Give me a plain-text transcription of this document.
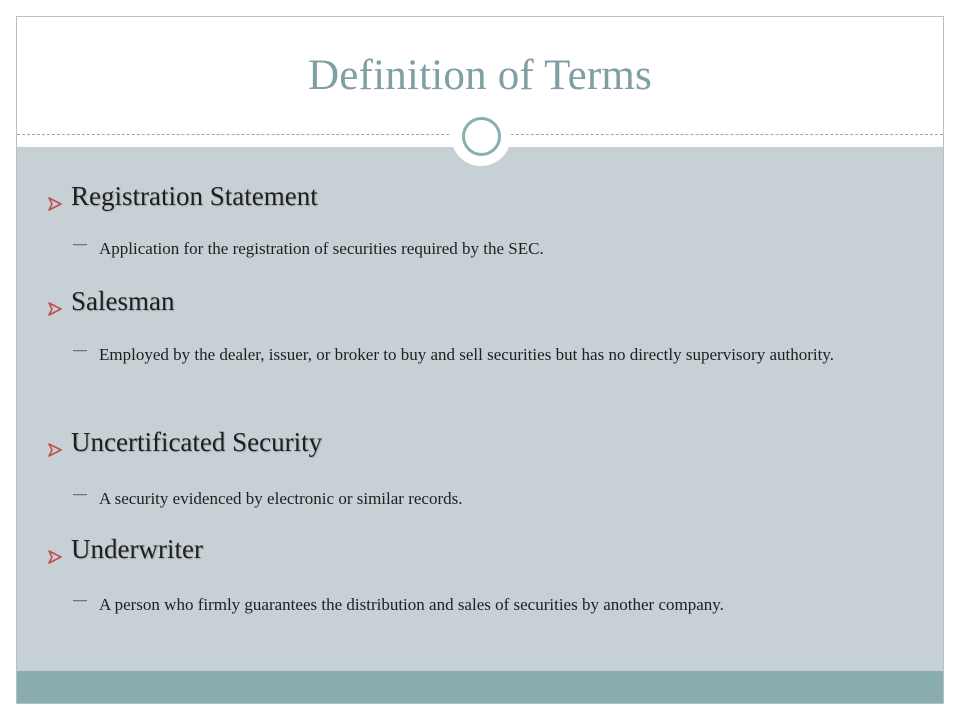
Definition of Terms
Registration Statement
— Application for the registration of securities required by the SEC.
Salesman
— Employed by the dealer, issuer, or broker to buy and sell securities but has no directly supervisory authority.
Uncertificated Security
— A security evidenced by electronic or similar records.
Underwriter
— A person who firmly guarantees the distribution and sales of securities by another company.
